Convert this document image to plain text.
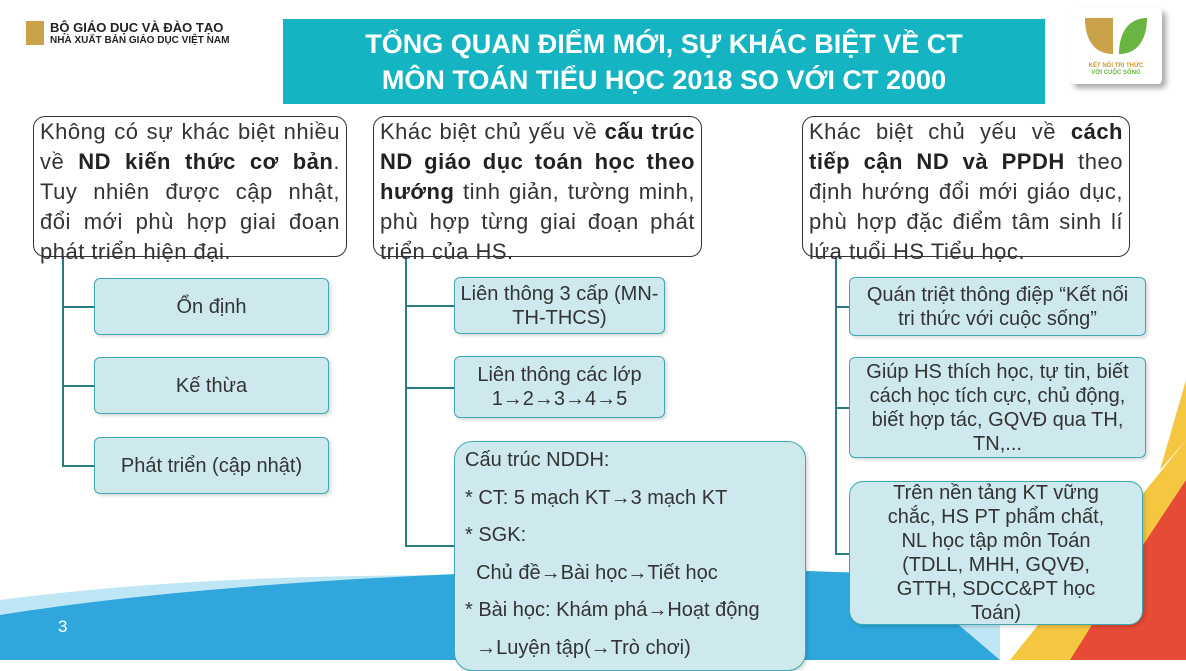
BỘ GIÁO DỤC VÀ ĐÀO TẠO
NHÀ XUẤT BẢN GIÁO DỤC VIỆT NAM	TỔNG QUAN ĐIỂM MỚI, SỰ KHÁC BIỆT VỀ CT
MÔN TOÁN TIỂU HỌC 2018 SO VỚI CT 2000	KẾT NỐI TRI THỨC
VỚI CUỘC SỐNG
Không có sự khác biệt nhiều về ND kiến thức cơ bản. Tuy nhiên được cập nhật, đổi mới phù hợp giai đoạn phát triển hiện đại.
Khác biệt chủ yếu về cấu trúc ND giáo dục toán học theo hướng tinh giản, tường minh, phù hợp từng giai đoạn phát triển của HS.
Khác biệt chủ yếu về cách tiếp cận ND và PPDH theo định hướng đổi mới giáo dục, phù hợp đặc điểm tâm sinh lí lứa tuổi HS Tiểu học.
Ổn định
Kế thừa
Phát triển (cập nhật)
Liên thông 3 cấp (MN-TH-THCS)
Liên thông các lớp 1→2→3→4→5
Cấu trúc NDDH:
* CT: 5 mạch KT→3 mạch KT
* SGK:
Chủ đề→Bài học→Tiết học
* Bài học: Khám phá→Hoạt động
→Luyện tập(→Trò chơi)
Quán triệt thông điệp “Kết nối tri thức với cuộc sống”
Giúp HS thích học, tự tin, biết cách học tích cực, chủ động, biết hợp tác, GQVĐ qua TH, TN,...
Trên nền tảng KT vững chắc, HS PT phẩm chất, NL học tập môn Toán (TDLL, MHH, GQVĐ, GTTH, SDCC&PT học Toán)
3
